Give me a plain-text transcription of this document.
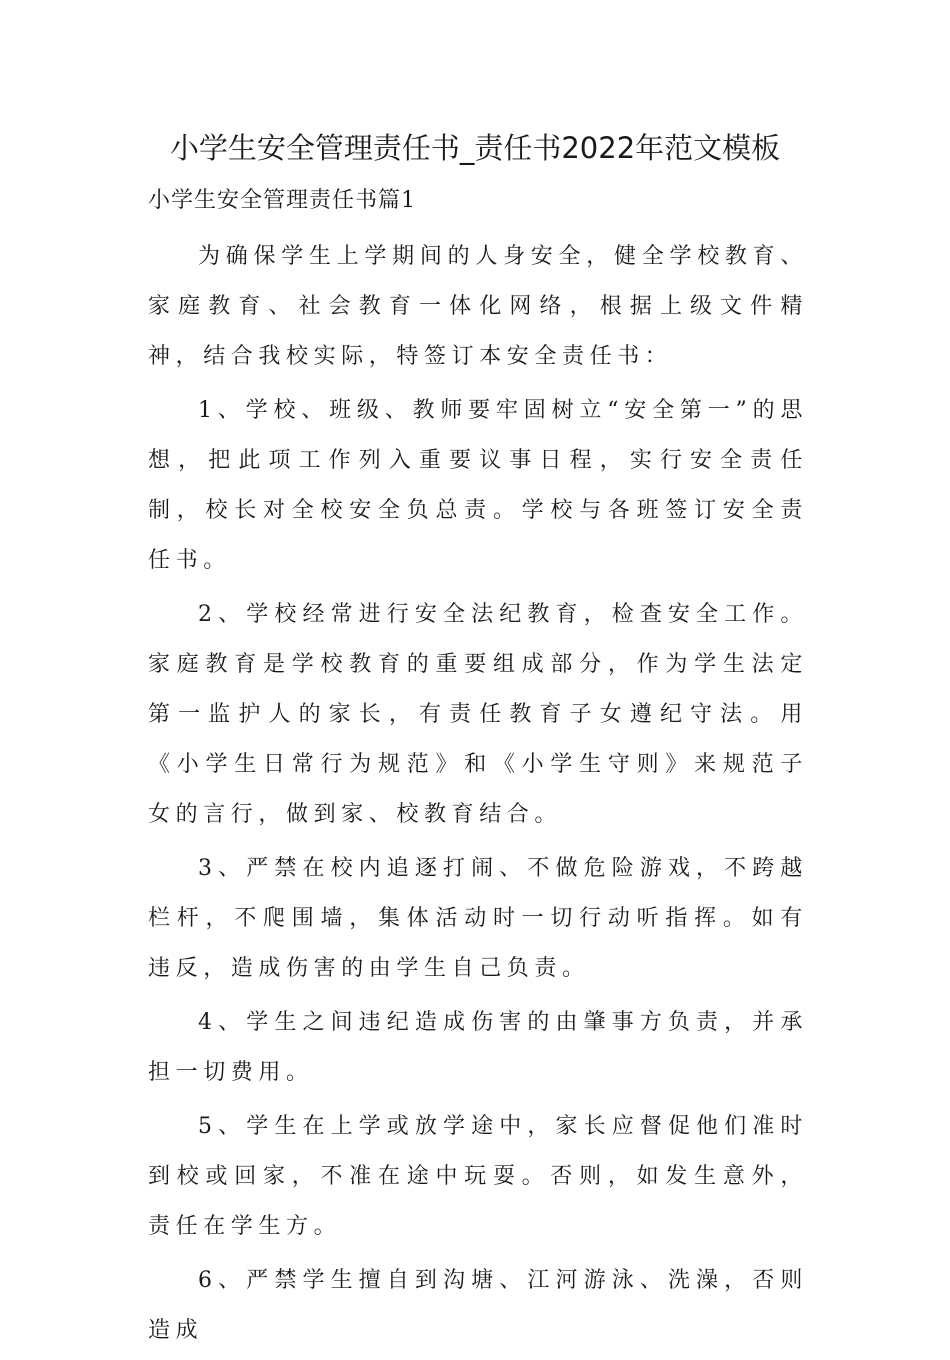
小学生安全管理责任书_责任书2022年范文模板

小学生安全管理责任书篇1

为确保学生上学期间的人身安全，健全学校教育、家庭教育、社会教育一体化网络，根据上级文件精神，结合我校实际，特签订本安全责任书：

1、学校、班级、教师要牢固树立“安全第一”的思想，把此项工作列入重要议事日程，实行安全责任制，校长对全校安全负总责。学校与各班签订安全责任书。

2、学校经常进行安全法纪教育，检查安全工作。家庭教育是学校教育的重要组成部分，作为学生法定第一监护人的家长，有责任教育子女遵纪守法。用《小学生日常行为规范》和《小学生守则》来规范子女的言行，做到家、校教育结合。

3、严禁在校内追逐打闹、不做危险游戏，不跨越栏杆，不爬围墙，集体活动时一切行动听指挥。如有违反，造成伤害的由学生自己负责。

4、学生之间违纪造成伤害的由肇事方负责，并承担一切费用。

5、学生在上学或放学途中，家长应督促他们准时到校或回家，不准在途中玩耍。否则，如发生意外，责任在学生方。

6、严禁学生擅自到沟塘、江河游泳、洗澡，否则造成
